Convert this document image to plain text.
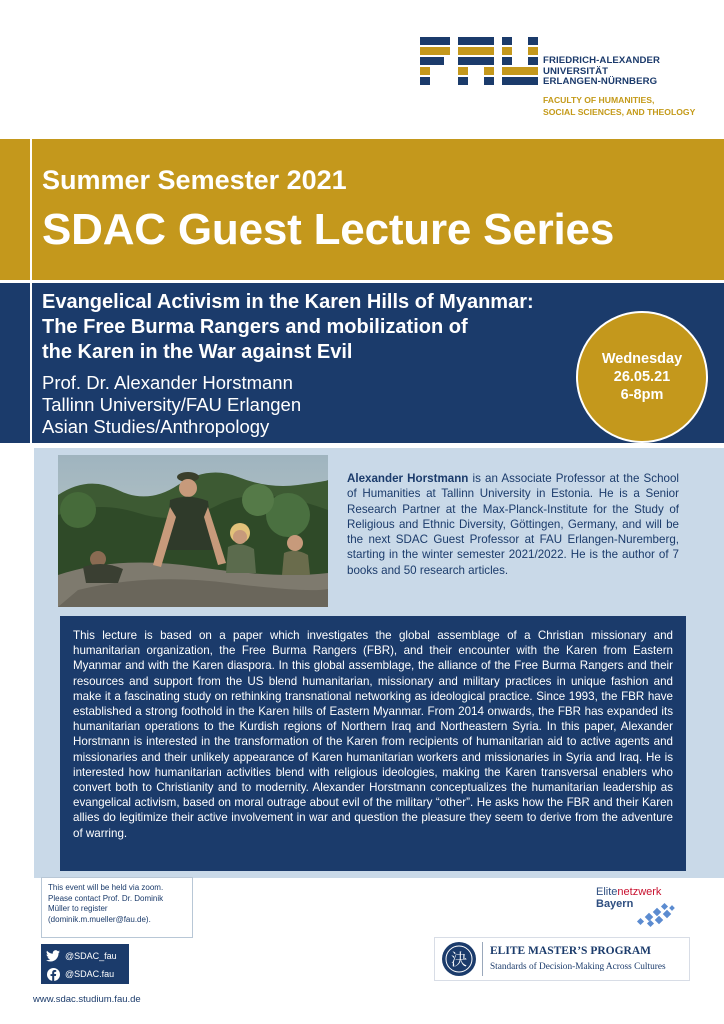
FRIEDRICH-ALEXANDER
UNIVERSITÄT
ERLANGEN-NÜRNBERG
FACULTY OF HUMANITIES,
SOCIAL SCIENCES, AND THEOLOGY
Summer Semester 2021
SDAC Guest Lecture Series
Evangelical Activism in the Karen Hills of Myanmar:
The Free Burma Rangers and mobilization of
the Karen in the War against Evil
Prof. Dr. Alexander Horstmann
Tallinn University/FAU Erlangen
Asian Studies/Anthropology
Wednesday
26.05.21
6-8pm
Alexander Horstmann is an Associate Professor at the School of Humanities at Tallinn University in Estonia. He is a Senior Research Partner at the Max-Planck-Institute for the Study of Religious and Ethnic Diversity, Göttingen, Germany, and will be the next SDAC Guest Professor at FAU Erlangen-Nuremberg, starting in the winter semester 2021/2022. He is the author of 7 books and 50 research articles.

This lecture is based on a paper which investigates the global assemblage of a Christian missionary and humanitarian organization, the Free Burma Rangers (FBR), and their encounter with the Karen from Eastern Myanmar and with the Karen diaspora. In this global assemblage, the alliance of the Free Burma Rangers and their resources and support from the US blend humanitarian, missionary and military practices in unique fashion and make it a fascinating study on rethinking transnational networking as ideological practice. Since 1993, the FBR have established a strong foothold in the Karen hills of Eastern Myanmar. From 2014 onwards, the FBR has expanded its humanitarian operations to the Kurdish regions of Northern Iraq and Northeastern Syria. In this paper, Alexander Horstmann is interested in the transformation of the Karen from recipients of humanitarian aid to active agents and missionaries and their unlikely appearance of Karen humanitarian workers and missionaries in Syria and Iraq. He is interested how humanitarian activities blend with religious ideologies, making the Karen transversal enablers who convert both to Christianity and to modernity. Alexander Horstmann conceptualizes the humanitarian leadership as evangelical activism, based on moral outrage about evil of the military “other”. He asks how the FBR and their Karen allies do legitimize their active involvement in war and question the pleasure they seem to derive from the adventure of warring.

This event will be held via zoom.
Please contact Prof. Dr. Dominik
Müller to register
(dominik.m.mueller@fau.de).
@SDAC_fau
@SDAC.fau
www.sdac.studium.fau.de
Elitenetzwerk
Bayern
決 ELITE MASTER’S PROGRAM
Standards of Decision-Making Across Cultures
